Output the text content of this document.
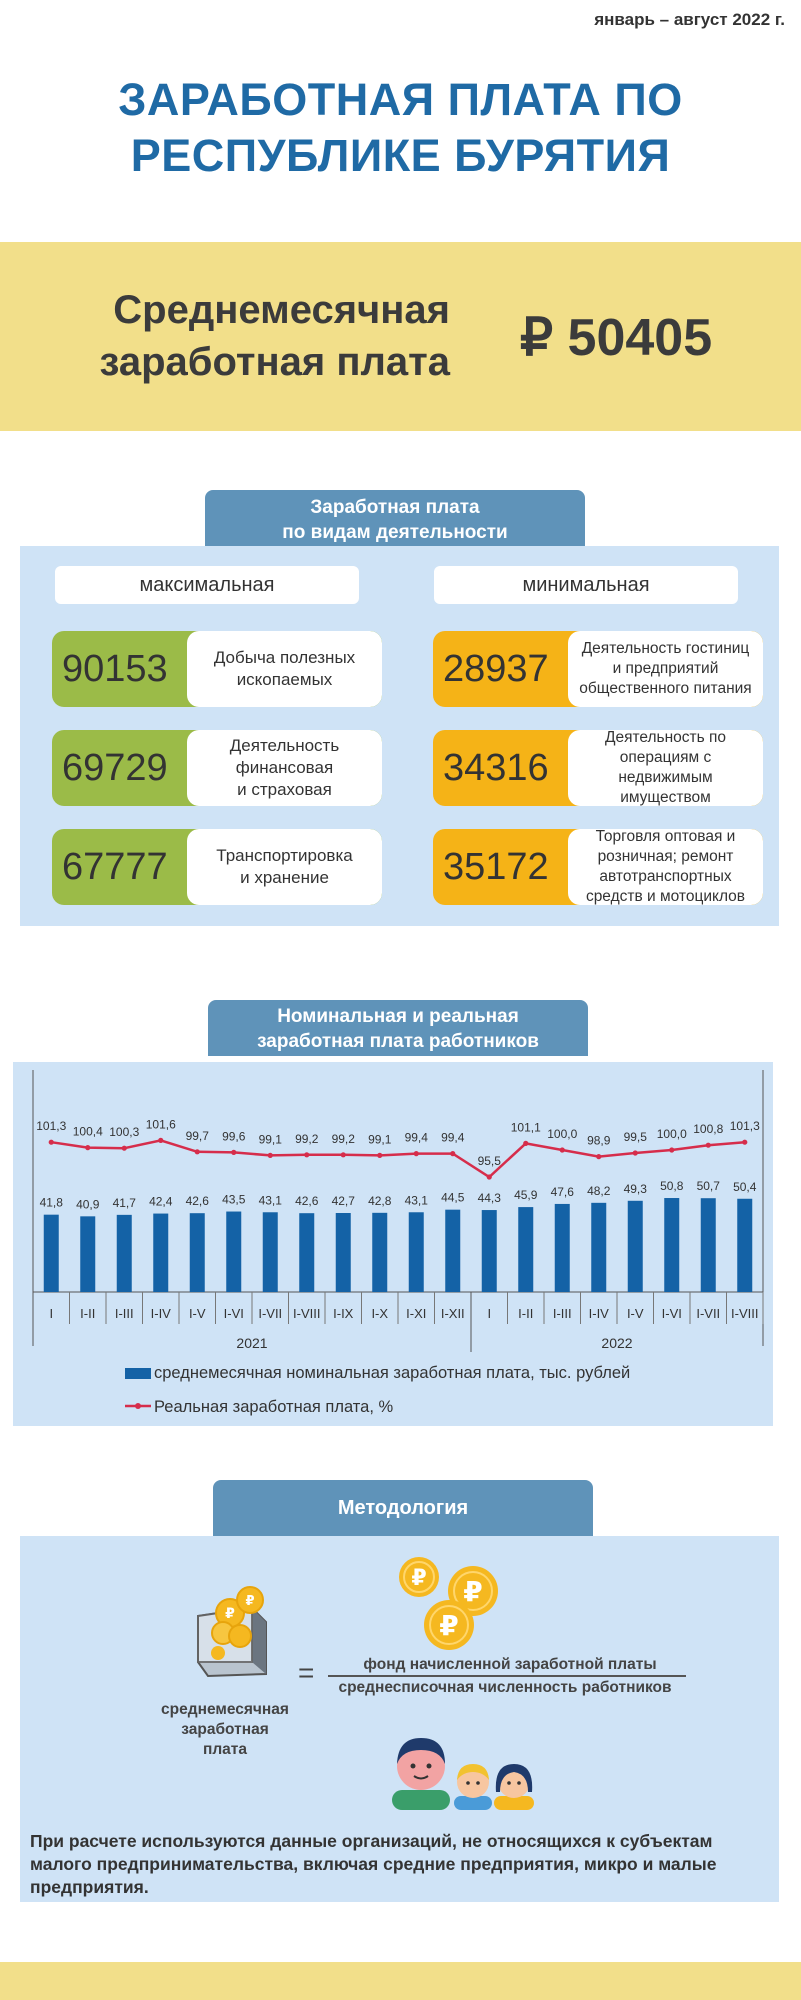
январь – август 2022 г.
ЗАРАБОТНАЯ ПЛАТА ПО
РЕСПУБЛИКЕ БУРЯТИЯ
Среднемесячная
заработная плата ₽ 50405
Заработная плата
по видам деятельности
максимальная	минимальная
Номинальная и реальная
заработная плата работников
41,8
101,3
I
40,9
100,4
I-II
41,7
100,3
I-III
42,4
101,6
I-IV
42,6
99,7
I-V
43,5
99,6
I-VI
43,1
99,1
I-VII
42,6
99,2
I-VIII
42,7
99,2
I-IX
42,8
99,1
I-X
43,1
99,4
I-XI
44,5
99,4
I-XII
44,3
95,5
I
45,9
101,1
I-II
47,6
100,0
I-III
48,2
98,9
I-IV
49,3
99,5
I-V
50,8
100,0
I-VI
50,7
100,8
I-VII
50,4
101,3
I-VIII
2021	2022
среднемесячная номинальная заработная плата, тыс. рублей
Реальная заработная плата, %
Методология
₽
₽
₽ ₽
₽
=	фонд начисленной заработной платы
среднесписочная численность работников
среднемесячная
заработная
плата
При расчете используются данные организаций, не относящихся к субъектам
малого предпринимательства, включая средние предприятия, микро и малые
предприятия.
90153	Добыча полезных
ископаемых
69729
Деятельность
финансовая
и страховая
67777	Транспортировка
и хранение
28937	Деятельность гостиниц
и предприятий
общественного питания
34316
Деятельность по
операциям с
недвижимым
имуществом
35172
Торговля оптовая и
розничная; ремонт
автотранспортных
средств и мотоциклов
